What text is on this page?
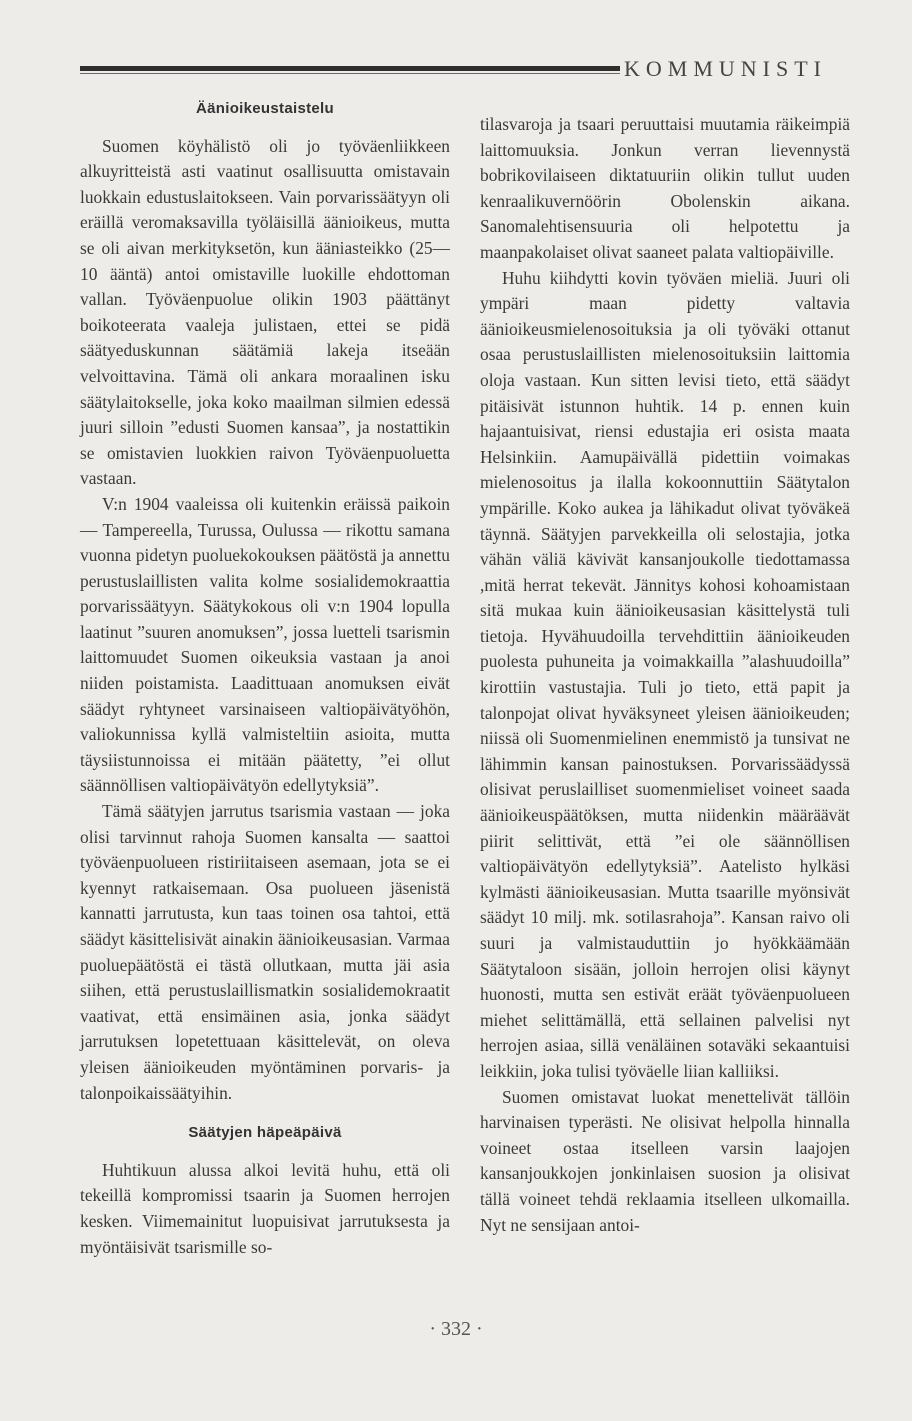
KOMMUNISTI
Äänioikeustaistelu

Suomen köyhälistö oli jo työväenliikkeen alkuyritteistä asti vaatinut osallisuutta omistavain luokkain edustuslaitokseen. Vain porvarissäätyyn oli eräillä veromaksavilla työläisillä äänioikeus, mutta se oli aivan merkityksetön, kun ääniasteikko (25—10 ääntä) antoi omistaville luokille ehdottoman vallan. Työväenpuolue olikin 1903 päättänyt boikoteerata vaaleja julistaen, ettei se pidä säätyeduskunnan säätämiä lakeja itseään velvoittavina. Tämä oli ankara moraalinen isku säätylaitokselle, joka koko maailman silmien edessä juuri silloin ”edusti Suomen kansaa”, ja nostattikin se omistavien luokkien raivon Työväenpuoluetta vastaan.

V:n 1904 vaaleissa oli kuitenkin eräissä paikoin — Tampereella, Turussa, Oulussa — rikottu samana vuonna pidetyn puoluekokouksen päätöstä ja annettu perustuslaillisten valita kolme sosialidemokraattia porvarissäätyyn. Säätykokous oli v:n 1904 lopulla laatinut ”suuren anomuksen”, jossa luetteli tsarismin laittomuudet Suomen oikeuksia vastaan ja anoi niiden poistamista. Laadittuaan anomuksen eivät säädyt ryhtyneet varsinaiseen valtiopäivätyöhön, valiokunnissa kyllä valmisteltiin asioita, mutta täysiistunnoissa ei mitään päätetty, ”ei ollut säännöllisen valtiopäivätyön edellytyksiä”.

Tämä säätyjen jarrutus tsarismia vastaan — joka olisi tarvinnut rahoja Suomen kansalta — saattoi työväenpuolueen ristiriitaiseen asemaan, jota se ei kyennyt ratkaisemaan. Osa puolueen jäsenistä kannatti jarrutusta, kun taas toinen osa tahtoi, että säädyt käsittelisivät ainakin äänioikeusasian. Varmaa puoluepäätöstä ei tästä ollutkaan, mutta jäi asia siihen, että perustuslaillismatkin sosialidemokraatit vaativat, että ensimäinen asia, jonka säädyt jarrutuksen lopetettuaan käsittelevät, on oleva yleisen äänioikeuden myöntäminen porvaris- ja talonpoikaissäätyihin.

Säätyjen häpeäpäivä

Huhtikuun alussa alkoi levitä huhu, että oli tekeillä kompromissi tsaarin ja Suomen herrojen kesken. Viimemainitut luopuisivat jarrutuksesta ja myöntäisivät tsarismille so-

tilasvaroja ja tsaari peruuttaisi muutamia räikeimpiä laittomuuksia. Jonkun verran lievennystä bobrikovilaiseen diktatuuriin olikin tullut uuden kenraalikuvernöörin Obolenskin aikana. Sanomalehtisensuuria oli helpotettu ja maanpakolaiset olivat saaneet palata valtiopäiville.

Huhu kiihdytti kovin työväen mieliä. Juuri oli ympäri maan pidetty valtavia äänioikeusmielenosoituksia ja oli työväki ottanut osaa perustuslaillisten mielenosoituksiin laittomia oloja vastaan. Kun sitten levisi tieto, että säädyt pitäisivät istunnon huhtik. 14 p. ennen kuin hajaantuisivat, riensi edustajia eri osista maata Helsinkiin. Aamupäivällä pidettiin voimakas mielenosoitus ja ilalla kokoonnuttiin Säätytalon ympärille. Koko aukea ja lähikadut olivat työväkeä täynnä. Säätyjen parvekkeilla oli selostajia, jotka vähän väliä kävivät kansanjoukolle tiedottamassa ,mitä herrat tekevät. Jännitys kohosi kohoamistaan sitä mukaa kuin äänioikeusasian käsittelystä tuli tietoja. Hyvähuudoilla tervehdittiin äänioikeuden puolesta puhuneita ja voimakkailla ”alashuudoilla” kirottiin vastustajia. Tuli jo tieto, että papit ja talonpojat olivat hyväksyneet yleisen äänioikeuden; niissä oli Suomenmielinen enemmistö ja tunsivat ne lähimmin kansan painostuksen. Porvarissäädyssä olisivat peruslailliset suomenmieliset voineet saada äänioikeuspäätöksen, mutta niidenkin määräävät piirit selittivät, että ”ei ole säännöllisen valtiopäivätyön edellytyksiä”. Aatelisto hylkäsi kylmästi äänioikeusasian. Mutta tsaarille myönsivät säädyt 10 milj. mk. sotilasrahoja”. Kansan raivo oli suuri ja valmistauduttiin jo hyökkäämään Säätytaloon sisään, jolloin herrojen olisi käynyt huonosti, mutta sen estivät eräät työväenpuolueen miehet selittämällä, että sellainen palvelisi nyt herrojen asiaa, sillä venäläinen sotaväki sekaantuisi leikkiin, joka tulisi työväelle liian kalliiksi.

Suomen omistavat luokat menettelivät tällöin harvinaisen typerästi. Ne olisivat helpolla hinnalla voineet ostaa itselleen varsin laajojen kansanjoukkojen jonkinlaisen suosion ja olisivat tällä voineet tehdä reklaamia itselleen ulkomailla. Nyt ne sensijaan antoi-

· 332 ·
